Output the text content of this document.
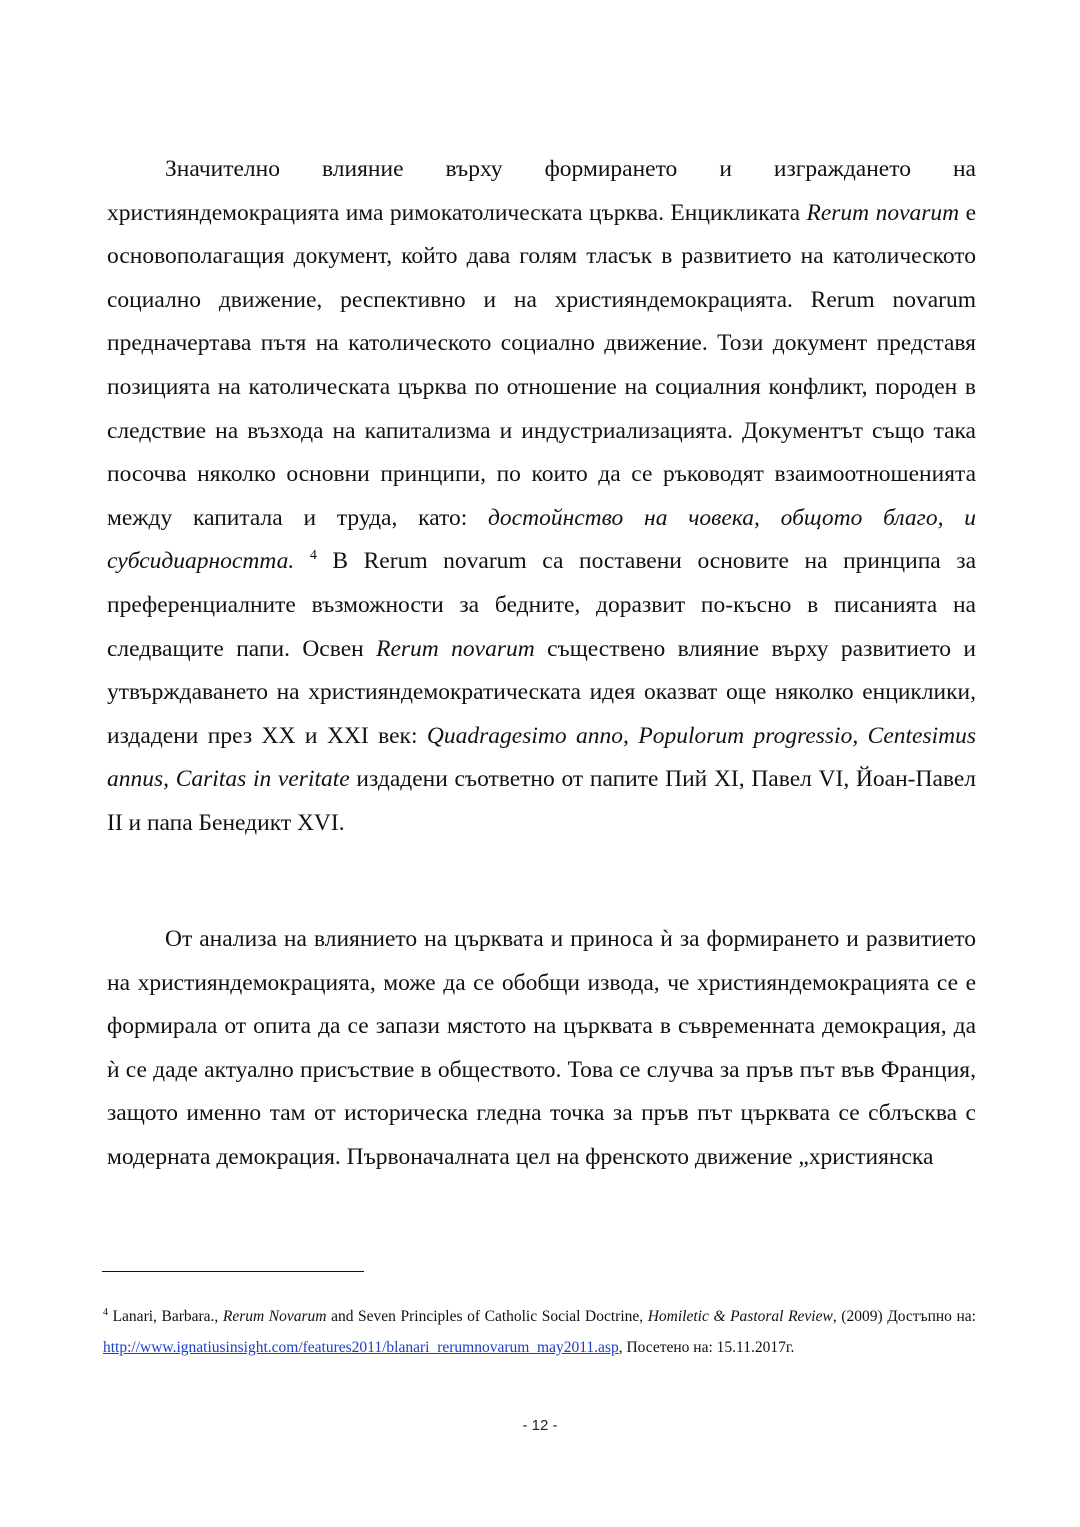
Значително влияние върху формирането и изграждането на християндемокрацията има римокатолическата църква. Енцикликата Rerum novarum е основополагащия документ, който дава голям тласък в развитието на католическото социално движение, респективно и на християндемокрацията. Rerum novarum предначертава пътя на католическото социално движение. Този документ представя позицията на католическата църква по отношение на социалния конфликт, породен в следствие на възхода на капитализма и индустриализацията. Документът също така посочва няколко основни принципи, по които да се ръководят взаимоотношенията между капитала и труда, като: достойнство на човека, общото благо, и субсидиарността. $^4$ В Rerum novarum са поставени основите на принципа за преференциалните възможности за бедните, доразвит по-късно в писанията на следващите папи. Освен Rerum novarum съществено влияние върху развитието и утвърждаването на християндемократическата идея оказват още няколко енциклики, издадени през XX и XXI век: Quadragesimo anno, Populorum progressio, Centesimus annus, Caritas in veritate издадени съответно от папите Пий XI, Павел VI, Йоан-Павел II и папа Бенедикт XVI.

От анализа на влиянието на църквата и приноса ѝ за формирането и развитието на християндемокрацията, може да се обобщи извода, че християндемокрацията се е формирала от опита да се запази мястото на църквата в съвременната демокрация, да ѝ се даде актуално присъствие в обществото. Това се случва за пръв път във Франция, защото именно там от историческа гледна точка за пръв път църквата се сблъсква с модерната демокрация. Първоначалната цел на френското движение „християнска

$^4$ Lanari, Barbara., Rerum Novarum and Seven Principles of Catholic Social Doctrine, Homiletic & Pastoral Review, (2009) Достъпно на: http://www.ignatiusinsight.com/features2011/blanari_rerumnovarum_may2011.asp, Посетено на: 15.11.2017г.

- 12 -
